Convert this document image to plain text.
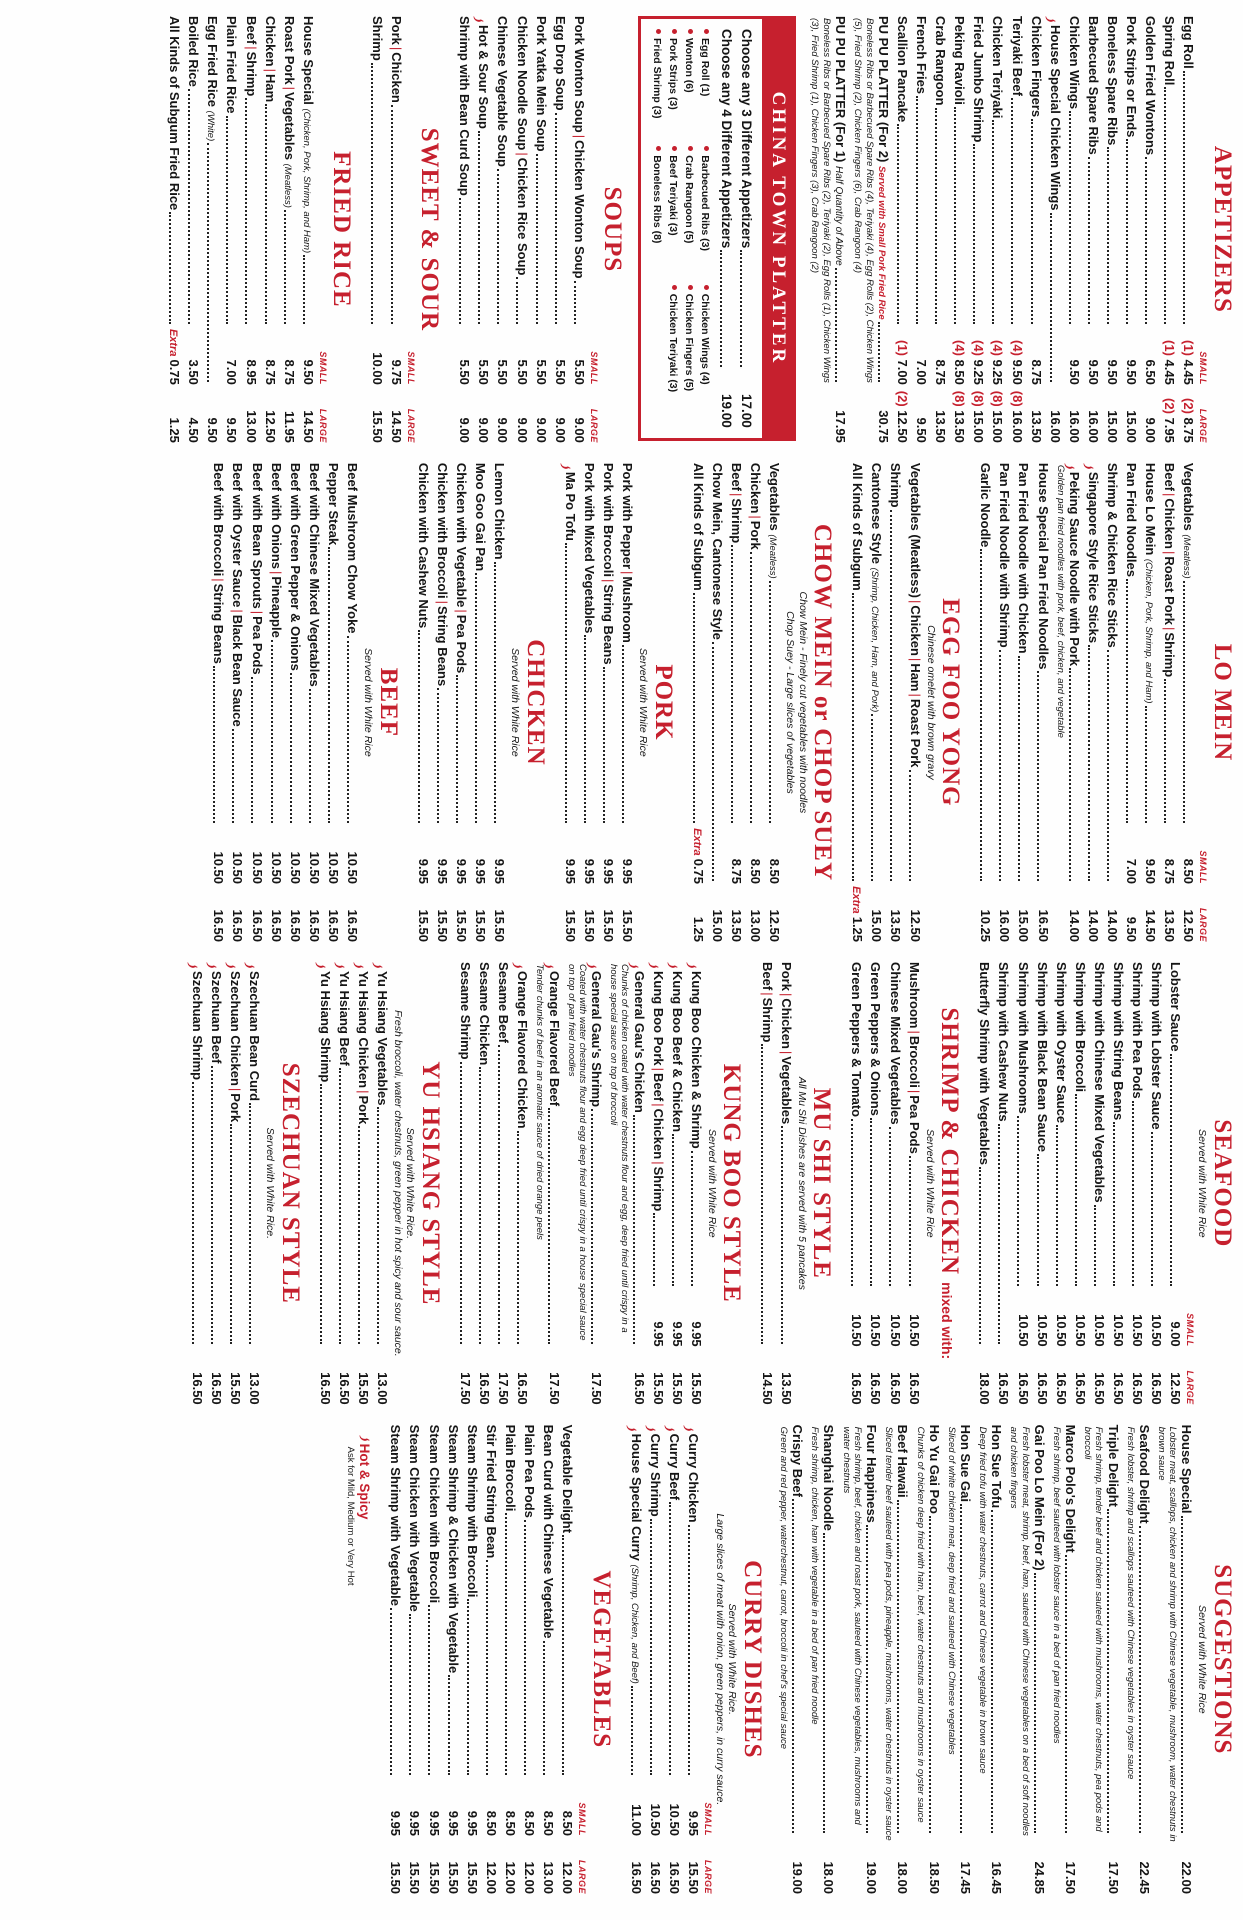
APPETIZERS
SMALL
LARGE
Egg Roll
(1) 4.45
(2) 8.75
Spring Roll
(1) 4.45
(2) 7.95
Golden Fried Wontons
6.50
9.00
Pork Strips or Ends
9.50
15.00
Boneless Spare Ribs
9.50
15.00
Barbecued Spare Ribs
9.50
16.00
Chicken Wings
9.50
16.00
House Special Chicken Wings
16.00
Chicken Fingers
8.75
13.50
Teriyaki Beef
(4) 9.50
(8) 16.00
Chicken Teriyaki
(4) 9.25
(8) 15.00
Fried Jumbo Shrimp
(4) 9.25
(8) 15.00
Peking Ravioli
(4) 8.50
(8) 13.50
Crab Rangoon
8.75
13.50
French Fries
7.00
9.50
Scallion Pancake
(1) 7.00
(2) 12.50
PU PU PLATTER (For 2) Served with Small Pork Fried Rice
30.75
Boneless Ribs or Barbecued Spare Ribs (4), Teriyaki (4), Egg Rolls (2), Chicken Wings (5), Fried Shrimp (2), Chicken Fingers (6), Crab Rangoon (4)
PU PU PLATTER (For 1) Half Quantity of Above
17.95
Boneless Ribs or Barbecued Spare Ribs (2), Teriyaki (2), Egg Rolls (1), Chicken Wings (3), Fried Shrimp (1), Chicken Fingers (3), Crab Rangoon (2)
CHINA TOWN PLATTER
Choose any 3 Different Appetizers
17.00
Choose any 4 Different Appetizers
19.00
Egg Roll (1)
Barbecued Ribs (3)
Chicken Wings (4)
Wonton (6)
Crab Rangoon (5)
Chicken Fingers (5)
Pork Strips (3)
Beef Teriyaki (3)
Chicken Teriyaki (3)
Fried Shrimp (3)
Boneless Ribs (8)
SOUPS
SMALL
LARGE
Pork Wonton Soup|Chicken Wonton Soup
5.50
9.00
Egg Drop Soup
5.50
9.00
Pork Yatka Mein Soup
5.50
9.00
Chicken Noodle Soup|Chicken Rice Soup
5.50
9.00
Chinese Vegetable Soup
5.50
9.00
Hot & Sour Soup
5.50
9.00
Shrimp with Bean Curd Soup
5.50
9.00
SWEET & SOUR
SMALL
LARGE
Pork|Chicken
9.75
14.50
Shrimp
10.00
15.50
FRIED RICE
SMALL
LARGE
House Special (Chicken, Pork, Shrimp, and Ham)
9.50
14.50
Roast Pork|Vegetables (Meatless)
8.75
11.95
Chicken|Ham
8.75
12.50
Beef|Shrimp
8.95
13.00
Plain Fried Rice
7.00
9.50
Egg Fried Rice (White)
9.50
Boiled Rice
3.50
4.50
All Kinds of Subgum Fried Rice
Extra 0.75
1.25
LO MEIN
SMALL
LARGE
Vegetables (Meatless)
8.50
12.50
Beef|Chicken|Roast Pork|Shrimp
8.75
13.50
House Lo Mein (Chicken, Pork, Shrimp, and Ham)
9.50
14.50
Pan Fried Noodles
7.00
9.50
Shrimp & Chicken Rice Sticks
14.00
Singapore Style Rice Sticks
14.00
Peking Sauce Noodle with Pork
14.00
Golden pan fried noodles with pork, beef, chicken, and vegetable
House Special Pan Fried Noodles
16.50
Pan Fried Noodle with Chicken
15.00
Pan Fried Noodle with Shrimp
16.00
Garlic Noodle
10.25
EGG FOO YONG

Chinese omelet with brown gravy

Vegetables (Meatless)|Chicken|Ham|Roast Pork
12.50
Shrimp
13.50
Cantonese Style (Shrimp, Chicken, Ham, and Pork)
15.00
All Kinds of Subgum
Extra 1.25
CHOW MEIN or CHOP SUEY

Chow Mein - Finely cut vegetables with noodles

Chop Suey - Large slices of vegetables

Vegetables (Meatless)
8.50
12.50
Chicken|Pork
8.50
13.00
Beef|Shrimp
8.75
13.50
Chow Mein, Cantonese Style
15.00
All Kinds of Subgum
Extra 0.75
1.25
PORK

Served with White Rice

Pork with Pepper|Mushroom
9.95
15.50
Pork with Broccoli|String Beans
9.95
15.50
Pork with Mixed Vegetables
9.95
15.50
Ma Po Tofu
9.95
15.50
CHICKEN

Served with White Rice

Lemon Chicken
9.95
15.50
Moo Goo Gai Pan
9.95
15.50
Chicken with Vegetable|Pea Pods
9.95
15.50
Chicken with Broccoli|String Beans
9.95
15.50
Chicken with Cashew Nuts
9.95
15.50
BEEF

Served with White Rice

Beef Mushroom Chow Yoke
10.50
16.50
Pepper Steak
10.50
16.50
Beef with Chinese Mixed Vegetables
10.50
16.50
Beef with Green Pepper & Onions
10.50
16.50
Beef with Onions|Pineapple
10.50
16.50
Beef with Bean Sprouts|Pea Pods
10.50
16.50
Beef with Oyster Sauce|Black Bean Sauce
10.50
16.50
Beef with Broccoli|String Beans
10.50
16.50
SEAFOOD

Served with White Rice

SMALL
LARGE
Lobster Sauce
9.00
12.50
Shrimp with Lobster Sauce
10.50
16.50
Shrimp with Pea Pods
10.50
16.50
Shrimp with String Beans
10.50
16.50
Shrimp with Chinese Mixed Vegetables
10.50
16.50
Shrimp with Broccoli
10.50
16.50
Shrimp with Oyster Sauce
10.50
16.50
Shrimp with Black Bean Sauce
10.50
16.50
Shrimp with Mushrooms
10.50
16.50
Shrimp with Cashew Nuts
16.50
Butterfly Shrimp with Vegetables
18.00
SHRIMP & CHICKEN mixed with:

Served with White Rice

Mushroom|Broccoli|Pea Pods
10.50
16.50
Chinese Mixed Vegetables
10.50
16.50
Green Peppers & Onions
10.50
16.50
Green Peppers & Tomato
10.50
16.50
MU SHI STYLE

All Mu Shi Dishes are served with 5 pancakes

Pork|Chicken|Vegetables
13.50
Beef|Shrimp
14.50
KUNG BOO STYLE

Served with White Rice

Kung Boo Chicken & Shrimp
9.95
15.50
Kung Boo Beef & Chicken
9.95
15.50
Kung Boo Pork|Beef|Chicken|Shrimp
9.95
15.50
General Gau's Chicken
16.50
Chunks of chicken coated with water chestnuts flour and egg, deep fried until crispy in a house special sauce on top of broccoli
General Gau's Shrimp
17.50
Coated with water chestnuts flour and egg deep fried until crispy in a house special sauce on top of pan fried noodles
Orange Flavored Beef
17.50
Tender chunks of beef in an aromatic sauce of dried orange peels
Orange Flavored Chicken
16.50
Sesame Beef
17.50
Sesame Chicken
16.50
Sesame Shrimp
17.50
YU HSIANG STYLE

Served with White Rice.

Fresh broccoli, water chestnuts, green pepper in hot spicy and sour sauce.

Yu Hsiang Vegetables
13.00
Yu Hsiang Chicken|Pork
15.50
Yu Hsiang Beef
16.50
Yu Hsiang Shrimp
16.50
SZECHUAN STYLE

Served with White Rice.

Szechuan Bean Curd
13.00
Szechuan Chicken|Pork
15.50
Szechuan Beef
16.50
Szechuan Shrimp
16.50
SUGGESTIONS

Served with White Rice

House Special
22.00
Lobster meat, scallops, chicken and shrimp with Chinese vegetable, mushroom, water chestnuts in brown sauce
Seafood Delight
22.45
Fresh lobster, shrimp and scallops sauteed with Chinese vegetables in oyster sauce
Triple Delight
17.50
Fresh shrimp, tender beef and chicken sauteed with mushrooms, water chestnuts, pea pods and broccoli
Marco Polo's Delight
17.50
Fresh shrimp, beef sauteed with lobster sauce in a bed of pan fried noodles
Gai Poo Lo Mein (For 2)
24.85
Fresh lobster meat, shrimp, beef, ham, sauteed with Chinese vegetables on a bed of soft noodles and chicken fingers
Hon Sue Tofu
16.45
Deep fried tofu with water chestnuts, carrot and Chinese vegetable in brown sauce
Hon Sue Gai
17.45
Sliced of white chicken meat, deep fried and sauteed with Chinese vegetables
Ho Yu Gai Poo
18.50
Chunks of chicken deep fried with ham, beef, water chestnuts and mushrooms in oyster sauce
Beef Hawaii
18.00
Sliced tender beef sauteed with pea pods, pineapple, mushrooms, water chestnuts in oyster sauce
Four Happiness
19.00
Fresh shrimp, beef, chicken and roast pork, sauteed with Chinese vegetables, mushrooms and water chestnuts
Shanghai Noodle
18.00
Fresh shrimp, chicken, ham with vegetable in a bed of pan fried noodle
Crispy Beef
19.00
Green and red pepper, waterchestnut, carrot, broccoli in chef's special sauce
CURRY DISHES

Served with White Rice.

Large slices of meat with onion, green peppers, in curry sauce.

SMALL
LARGE
Curry Chicken
9.95
15.50
Curry Beef
10.50
16.50
Curry Shrimp
10.50
16.50
House Special Curry (Shrimp, Chicken, and Beef)
11.00
16.50
VEGETABLES
SMALL
LARGE
Vegetable Delight
8.50
12.00
Bean Curd with Chinese Vegetable
8.50
13.00
Plain Pea Pods
8.50
12.00
Plain Broccoli
8.50
12.00
Stir Fried String Bean
8.50
12.00
Steam Shrimp with Broccoli
9.95
15.50
Steam Shrimp & Chicken with Vegetable
9.95
15.50
Steam Chicken with Broccoli
9.95
15.50
Steam Chicken with Vegetable
9.95
15.50
Steam Shrimp with Vegetable
9.95
15.50
Hot & Spicy
Ask for Mild, Medium or Very Hot
